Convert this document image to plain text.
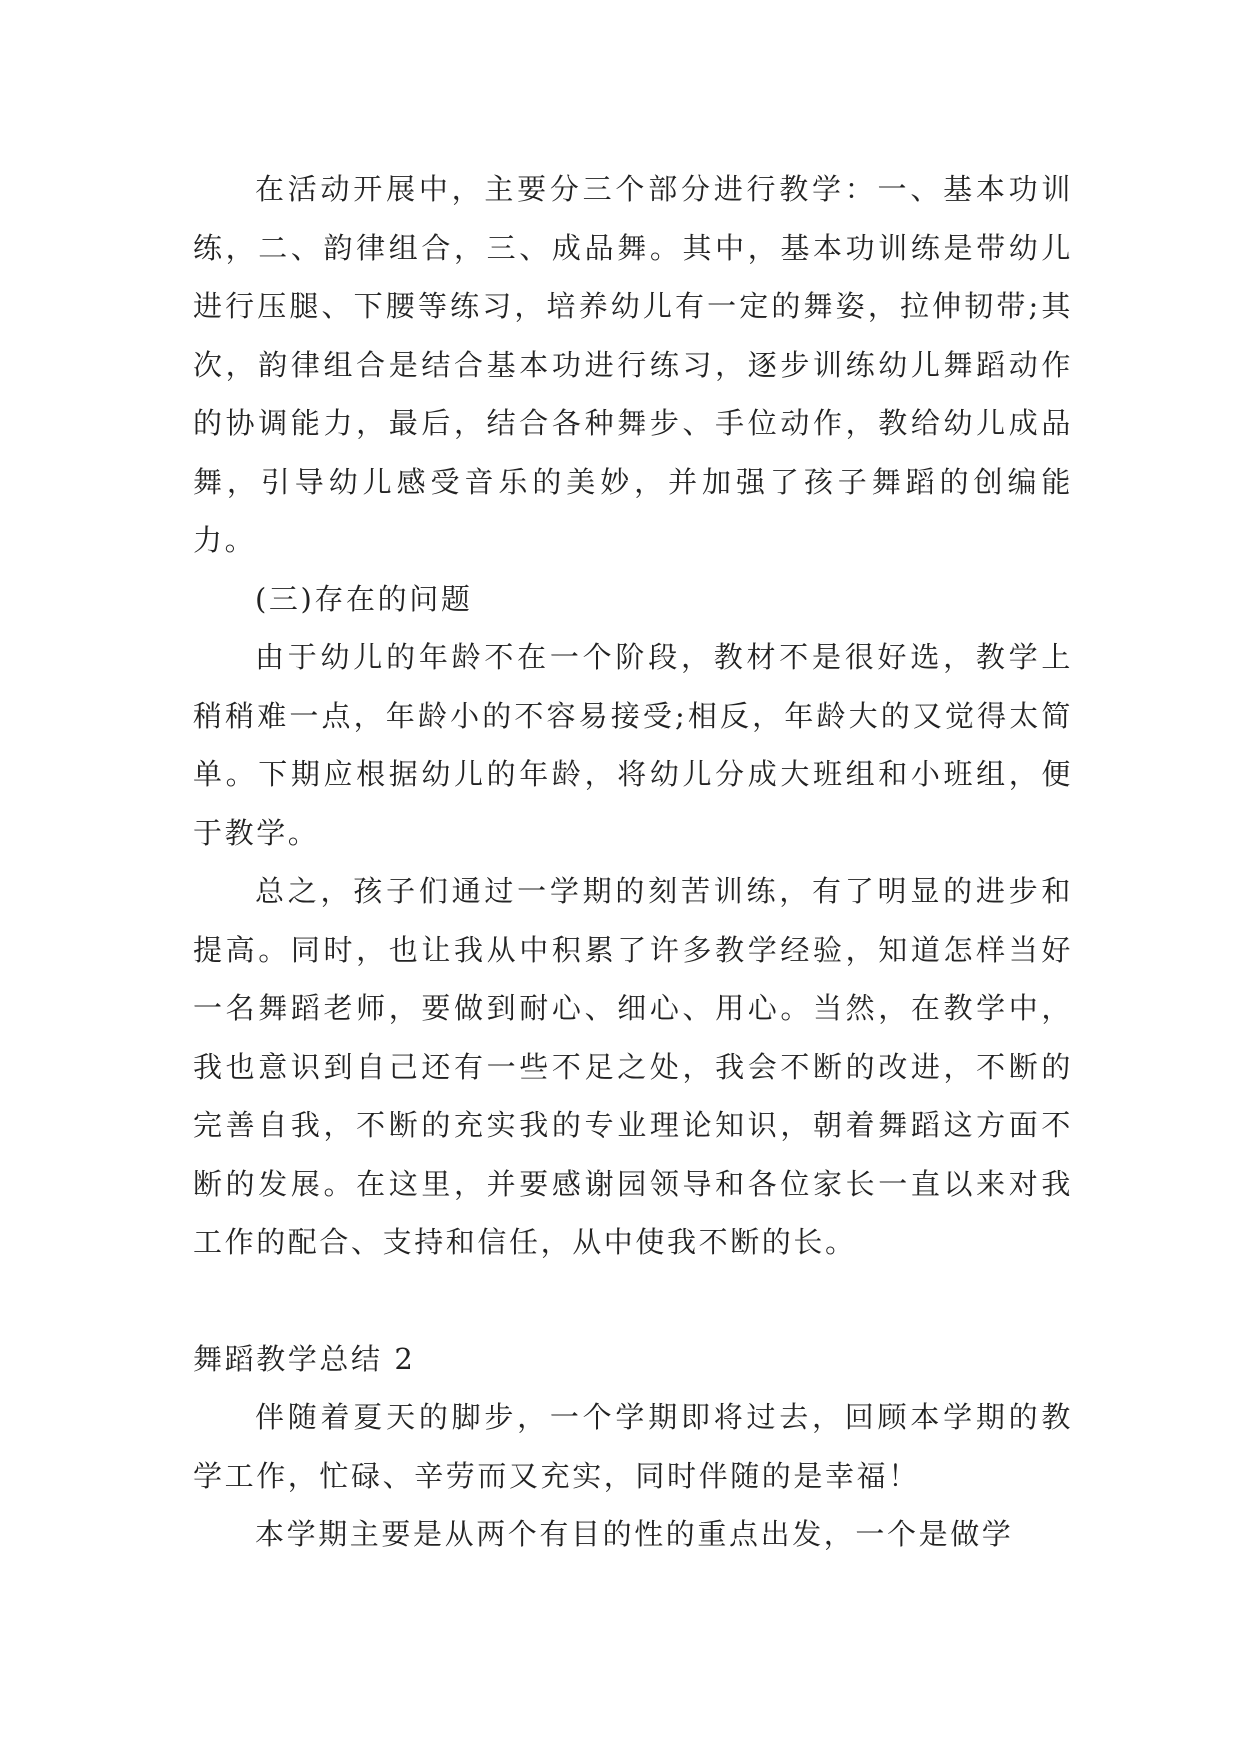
在活动开展中，主要分三个部分进行教学：一、基本功训练，二、韵律组合，三、成品舞。其中，基本功训练是带幼儿进行压腿、下腰等练习，培养幼儿有一定的舞姿，拉伸韧带;其次，韵律组合是结合基本功进行练习，逐步训练幼儿舞蹈动作的协调能力，最后，结合各种舞步、手位动作，教给幼儿成品舞，引导幼儿感受音乐的美妙，并加强了孩子舞蹈的创编能力。

(三)存在的问题

由于幼儿的年龄不在一个阶段，教材不是很好选，教学上稍稍难一点，年龄小的不容易接受;相反，年龄大的又觉得太简单。下期应根据幼儿的年龄，将幼儿分成大班组和小班组，便于教学。

总之，孩子们通过一学期的刻苦训练，有了明显的进步和提高。同时，也让我从中积累了许多教学经验，知道怎样当好一名舞蹈老师，要做到耐心、细心、用心。当然，在教学中，我也意识到自己还有一些不足之处，我会不断的改进，不断的完善自我，不断的充实我的专业理论知识，朝着舞蹈这方面不断的发展。在这里，并要感谢园领导和各位家长一直以来对我工作的配合、支持和信任，从中使我不断的长。

舞蹈教学总结 2

伴随着夏天的脚步，一个学期即将过去，回顾本学期的教学工作，忙碌、辛劳而又充实，同时伴随的是幸福！

本学期主要是从两个有目的性的重点出发，一个是做学
